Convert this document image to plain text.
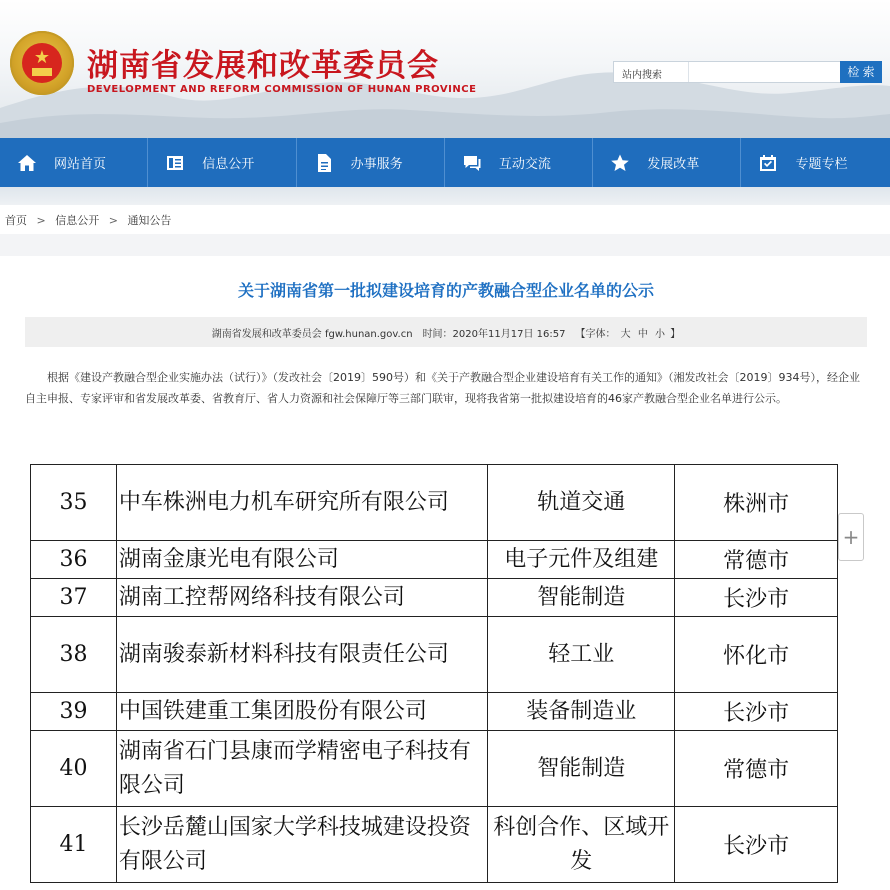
★	湖南省发展和改革委员会
DEVELOPMENT AND REFORM COMMISSION OF HUNAN PROVINCE
站内搜索	检 索
网站首页	信息公开	办事服务	互动交流	发展改革	专题专栏
首页 > 信息公开 > 通知公告
关于湖南省第一批拟建设培育的产教融合型企业名单的公示
湖南省发展和改革委员会 fgw.hunan.gov.cn 时间：2020年11月17日 16:57 【字体： 大 中 小 】
根据《建设产教融合型企业实施办法（试行）》（发改社会〔2019〕590号）和《关于产教融合型企业建设培育有关工作的通知》（湘发改社会〔2019〕934号），经企业自主申报、专家评审和省发展改革委、省教育厅、省人力资源和社会保障厅等三部门联审，现将我省第一批拟建设培育的46家产教融合型企业名单进行公示。
35	中车株洲电力机车研究所有限公司	轨道交通	株洲市
36	湖南金康光电有限公司	电子元件及组建	常德市
37	湖南工控帮网络科技有限公司	智能制造	长沙市
38	湖南骏泰新材料科技有限责任公司	轻工业	怀化市
39	中国铁建重工集团股份有限公司	装备制造业	长沙市
40	湖南省石门县康而学精密电子科技有限公司	智能制造	常德市
41	长沙岳麓山国家大学科技城建设投资有限公司	科创合作、区域开发	长沙市
+
